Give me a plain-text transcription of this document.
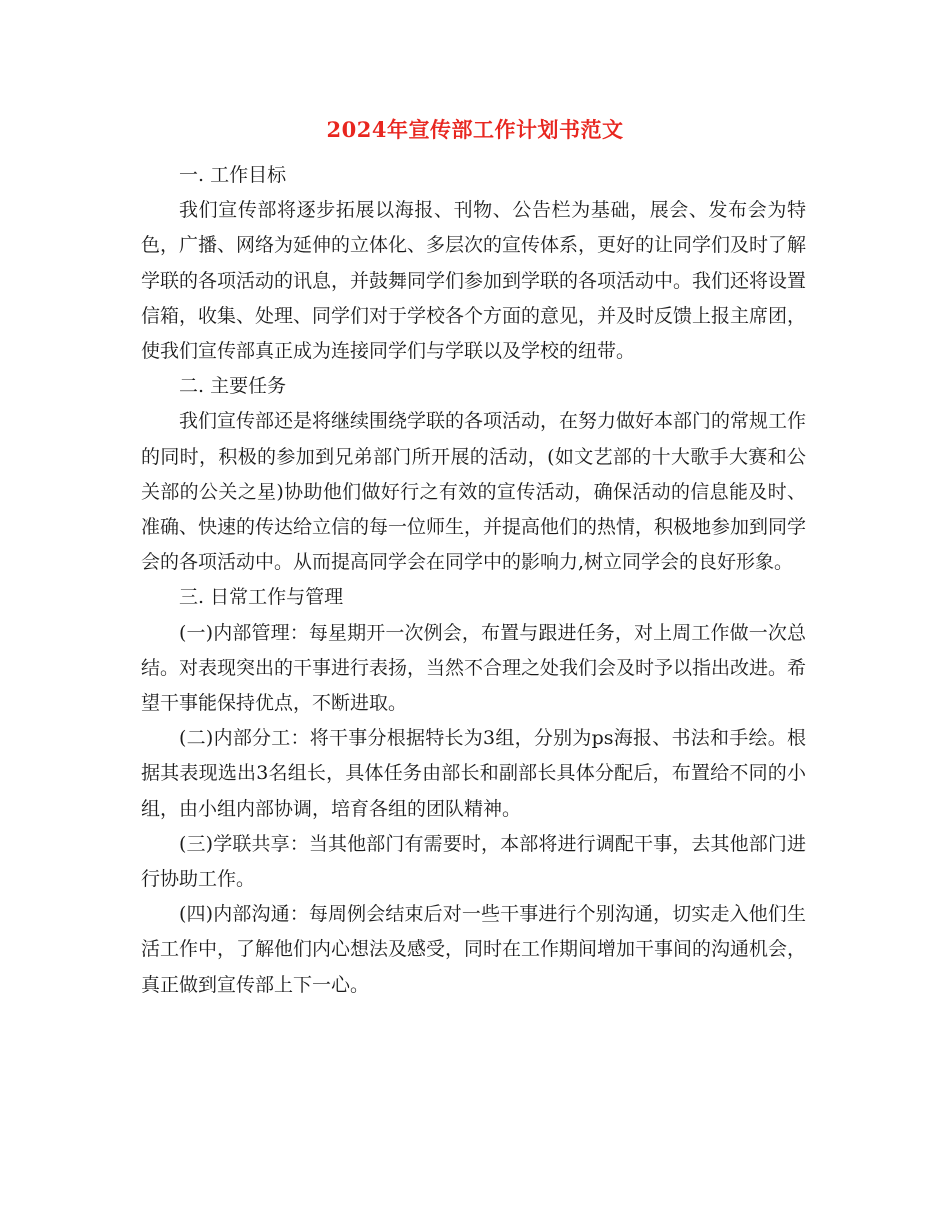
2024年宣传部工作计划书范文

一. 工作目标

我们宣传部将逐步拓展以海报、刊物、公告栏为基础，展会、发布会为特色，广播、网络为延伸的立体化、多层次的宣传体系，更好的让同学们及时了解学联的各项活动的讯息，并鼓舞同学们参加到学联的各项活动中。我们还将设置信箱，收集、处理、同学们对于学校各个方面的意见，并及时反馈上报主席团，使我们宣传部真正成为连接同学们与学联以及学校的纽带。

二. 主要任务

我们宣传部还是将继续围绕学联的各项活动，在努力做好本部门的常规工作的同时，积极的参加到兄弟部门所开展的活动，(如文艺部的十大歌手大赛和公关部的公关之星)协助他们做好行之有效的宣传活动，确保活动的信息能及时、准确、快速的传达给立信的每一位师生，并提高他们的热情，积极地参加到同学会的各项活动中。从而提高同学会在同学中的影响力,树立同学会的良好形象。

三. 日常工作与管理

(一)内部管理：每星期开一次例会，布置与跟进任务，对上周工作做一次总结。对表现突出的干事进行表扬，当然不合理之处我们会及时予以指出改进。希望干事能保持优点，不断进取。

(二)内部分工：将干事分根据特长为3组，分别为ps海报、书法和手绘。根据其表现选出3名组长，具体任务由部长和副部长具体分配后，布置给不同的小组，由小组内部协调，培育各组的团队精神。

(三)学联共享：当其他部门有需要时，本部将进行调配干事，去其他部门进行协助工作。

(四)内部沟通：每周例会结束后对一些干事进行个别沟通，切实走入他们生活工作中，了解他们内心想法及感受，同时在工作期间增加干事间的沟通机会，真正做到宣传部上下一心。
